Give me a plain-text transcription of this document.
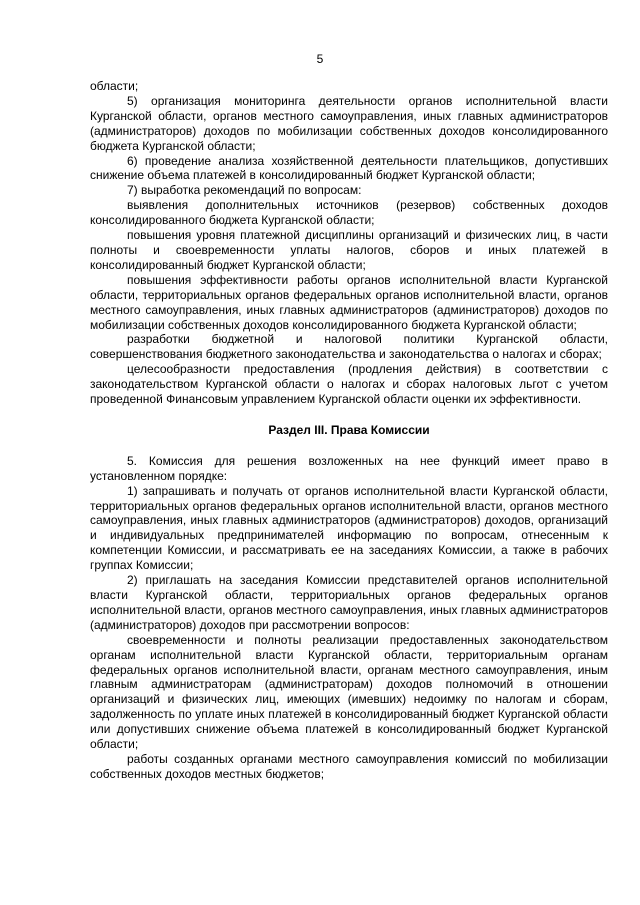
5

области;

5) организация мониторинга деятельности органов исполнительной власти Курганской области, органов местного самоуправления, иных главных администраторов (администраторов) доходов по мобилизации собственных доходов консолидированного бюджета Курганской области;

6) проведение анализа хозяйственной деятельности плательщиков, допустивших снижение объема платежей в консолидированный бюджет Курганской области;

7) выработка рекомендаций по вопросам:

выявления дополнительных источников (резервов) собственных доходов консолидированного бюджета Курганской области;

повышения уровня платежной дисциплины организаций и физических лиц, в части полноты и своевременности уплаты налогов, сборов и иных платежей в консолидированный бюджет Курганской области;

повышения эффективности работы органов исполнительной власти Курганской области, территориальных органов федеральных органов исполнительной власти, органов местного самоуправления, иных главных администраторов (администраторов) доходов по мобилизации собственных доходов консолидированного бюджета Курганской области;

разработки бюджетной и налоговой политики Курганской области, совершенствования бюджетного законодательства и законодательства о налогах и сборах;

целесообразности предоставления (продления действия) в соответствии с законодательством Курганской области о налогах и сборах налоговых льгот с учетом проведенной Финансовым управлением Курганской области оценки их эффективности.

Раздел III. Права Комиссии

5. Комиссия для решения возложенных на нее функций имеет право в установленном порядке:

1) запрашивать и получать от органов исполнительной власти Курганской области, территориальных органов федеральных органов исполнительной власти, органов местного самоуправления, иных главных администраторов (администраторов) доходов, организаций и индивидуальных предпринимателей информацию по вопросам, отнесенным к компетенции Комиссии, и рассматривать ее на заседаниях Комиссии, а также в рабочих группах Комиссии;

2) приглашать на заседания Комиссии представителей органов исполнительной власти Курганской области, территориальных органов федеральных органов исполнительной власти, органов местного самоуправления, иных главных администраторов (администраторов) доходов при рассмотрении вопросов:

своевременности и полноты реализации предоставленных законодательством органам исполнительной власти Курганской области, территориальным органам федеральных органов исполнительной власти, органам местного самоуправления, иным главным администраторам (администраторам) доходов полномочий в отношении организаций и физических лиц, имеющих (имевших) недоимку по налогам и сборам, задолженность по уплате иных платежей в консолидированный бюджет Курганской области или допустивших снижение объема платежей в консолидированный бюджет Курганской области;

работы созданных органами местного самоуправления комиссий по мобилизации собственных доходов местных бюджетов;
